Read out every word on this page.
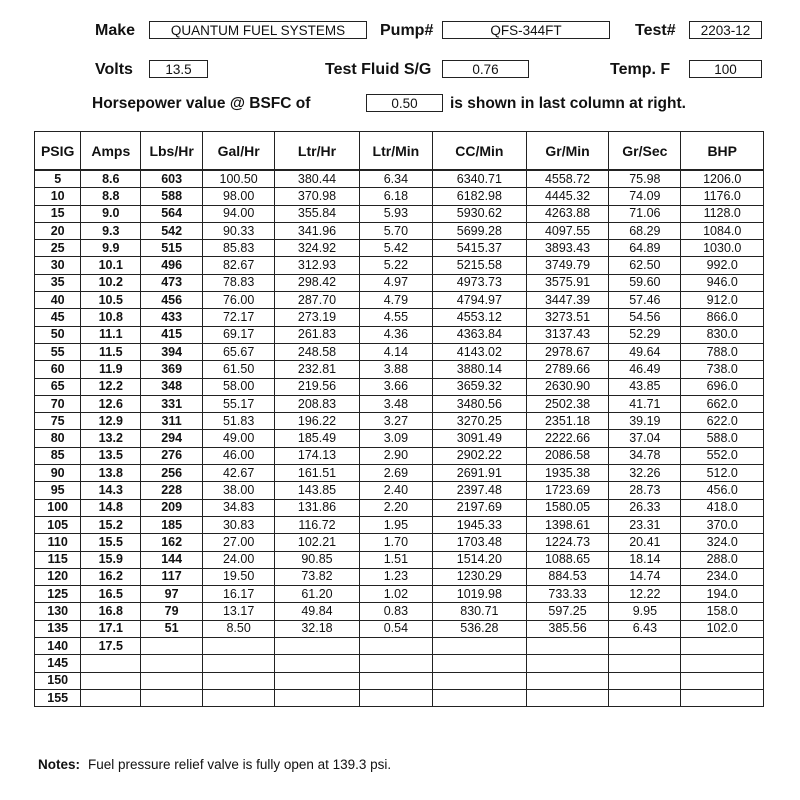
Make	QUANTUM FUEL SYSTEMS	Pump#	QFS-344FT	Test#	2203-12
Volts	13.5	Test Fluid S/G	0.76	Temp. F	100
Horsepower value @ BSFC of	0.50	is shown in last column at right.
PSIG	Amps	Lbs/Hr	Gal/Hr	Ltr/Hr	Ltr/Min	CC/Min	Gr/Min	Gr/Sec	BHP
5	8.6	603	100.50	380.44	6.34	6340.71	4558.72	75.98	1206.0
10	8.8	588	98.00	370.98	6.18	6182.98	4445.32	74.09	1176.0
15	9.0	564	94.00	355.84	5.93	5930.62	4263.88	71.06	1128.0
20	9.3	542	90.33	341.96	5.70	5699.28	4097.55	68.29	1084.0
25	9.9	515	85.83	324.92	5.42	5415.37	3893.43	64.89	1030.0
30	10.1	496	82.67	312.93	5.22	5215.58	3749.79	62.50	992.0
35	10.2	473	78.83	298.42	4.97	4973.73	3575.91	59.60	946.0
40	10.5	456	76.00	287.70	4.79	4794.97	3447.39	57.46	912.0
45	10.8	433	72.17	273.19	4.55	4553.12	3273.51	54.56	866.0
50	11.1	415	69.17	261.83	4.36	4363.84	3137.43	52.29	830.0
55	11.5	394	65.67	248.58	4.14	4143.02	2978.67	49.64	788.0
60	11.9	369	61.50	232.81	3.88	3880.14	2789.66	46.49	738.0
65	12.2	348	58.00	219.56	3.66	3659.32	2630.90	43.85	696.0
70	12.6	331	55.17	208.83	3.48	3480.56	2502.38	41.71	662.0
75	12.9	311	51.83	196.22	3.27	3270.25	2351.18	39.19	622.0
80	13.2	294	49.00	185.49	3.09	3091.49	2222.66	37.04	588.0
85	13.5	276	46.00	174.13	2.90	2902.22	2086.58	34.78	552.0
90	13.8	256	42.67	161.51	2.69	2691.91	1935.38	32.26	512.0
95	14.3	228	38.00	143.85	2.40	2397.48	1723.69	28.73	456.0
100	14.8	209	34.83	131.86	2.20	2197.69	1580.05	26.33	418.0
105	15.2	185	30.83	116.72	1.95	1945.33	1398.61	23.31	370.0
110	15.5	162	27.00	102.21	1.70	1703.48	1224.73	20.41	324.0
115	15.9	144	24.00	90.85	1.51	1514.20	1088.65	18.14	288.0
120	16.2	117	19.50	73.82	1.23	1230.29	884.53	14.74	234.0
125	16.5	97	16.17	61.20	1.02	1019.98	733.33	12.22	194.0
130	16.8	79	13.17	49.84	0.83	830.71	597.25	9.95	158.0
135	17.1	51	8.50	32.18	0.54	536.28	385.56	6.43	102.0
140	17.5								
145									
150									
155									
Notes: Fuel pressure relief valve is fully open at 139.3 psi.
